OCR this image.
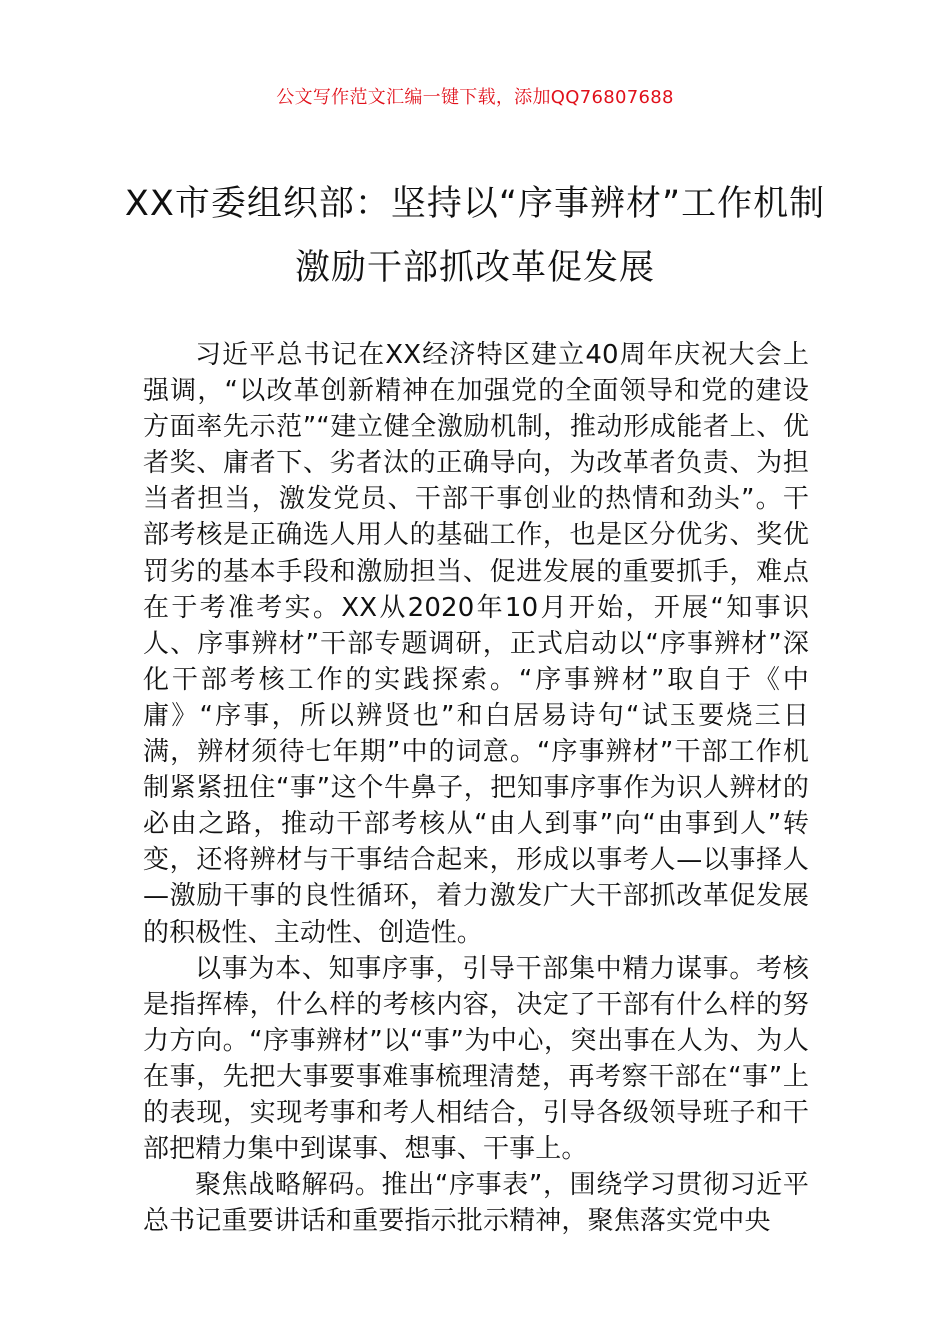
公文写作范文汇编一键下载，添加QQ76807688
XX市委组织部：坚持以“序事辨材”工作机制激励干部抓改革促发展

习近平总书记在XX经济特区建立40周年庆祝大会上强调，“以改革创新精神在加强党的全面领导和党的建设方面率先示范”“建立健全激励机制，推动形成能者上、优者奖、庸者下、劣者汰的正确导向，为改革者负责、为担当者担当，激发党员、干部干事创业的热情和劲头”。干部考核是正确选人用人的基础工作，也是区分优劣、奖优罚劣的基本手段和激励担当、促进发展的重要抓手，难点在于考准考实。XX从2020年10月开始，开展“知事识人、序事辨材”干部专题调研，正式启动以“序事辨材”深化干部考核工作的实践探索。“序事辨材”取自于《中庸》“序事，所以辨贤也”和白居易诗句“试玉要烧三日满，辨材须待七年期”中的词意。“序事辨材”干部工作机制紧紧扭住“事”这个牛鼻子，把知事序事作为识人辨材的必由之路，推动干部考核从“由人到事”向“由事到人”转变，还将辨材与干事结合起来，形成以事考人—以事择人—激励干事的良性循环，着力激发广大干部抓改革促发展的积极性、主动性、创造性。

以事为本、知事序事，引导干部集中精力谋事。考核是指挥棒，什么样的考核内容，决定了干部有什么样的努力方向。“序事辨材”以“事”为中心，突出事在人为、为人在事，先把大事要事难事梳理清楚，再考察干部在“事”上的表现，实现考事和考人相结合，引导各级领导班子和干部把精力集中到谋事、想事、干事上。

聚焦战略解码。推出“序事表”，围绕学习贯彻习近平总书记重要讲话和重要指示批示精神，聚焦落实党中央
